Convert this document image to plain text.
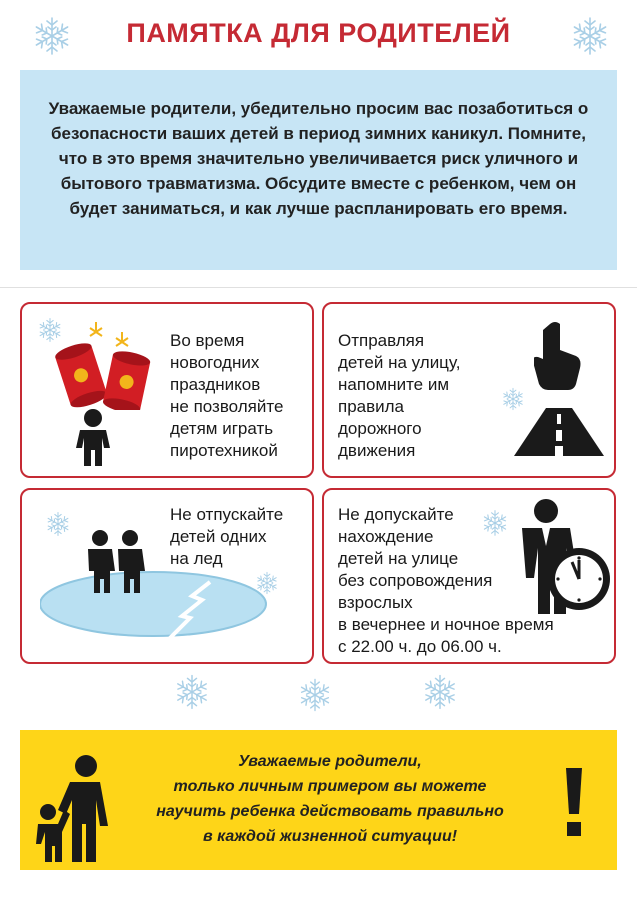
ПАМЯТКА ДЛЯ РОДИТЕЛЕЙ

Уважаемые родители, убедительно просим вас позаботиться о безопасности ваших детей в период зимних каникул. Помните, что в это время значительно увеличивается риск уличного и бытового травматизма. Обсудите вместе с ребенком, чем он будет заниматься, и как лучше распланировать его время.

Во время
новогодних
праздников
не позволяйте
детям играть
пиротехникой
Отправляя
детей на улицу,
напомните им
правила
дорожного
движения
Не отпускайте
детей одних
на лед
Не допускайте
нахождение
детей на улице
без сопровождения
взрослых
в вечернее и ночное время
с 22.00 ч. до 06.00 ч.

Уважаемые родители,
только личным примером вы можете
научить ребенка действовать правильно
в каждой жизненной ситуации!
